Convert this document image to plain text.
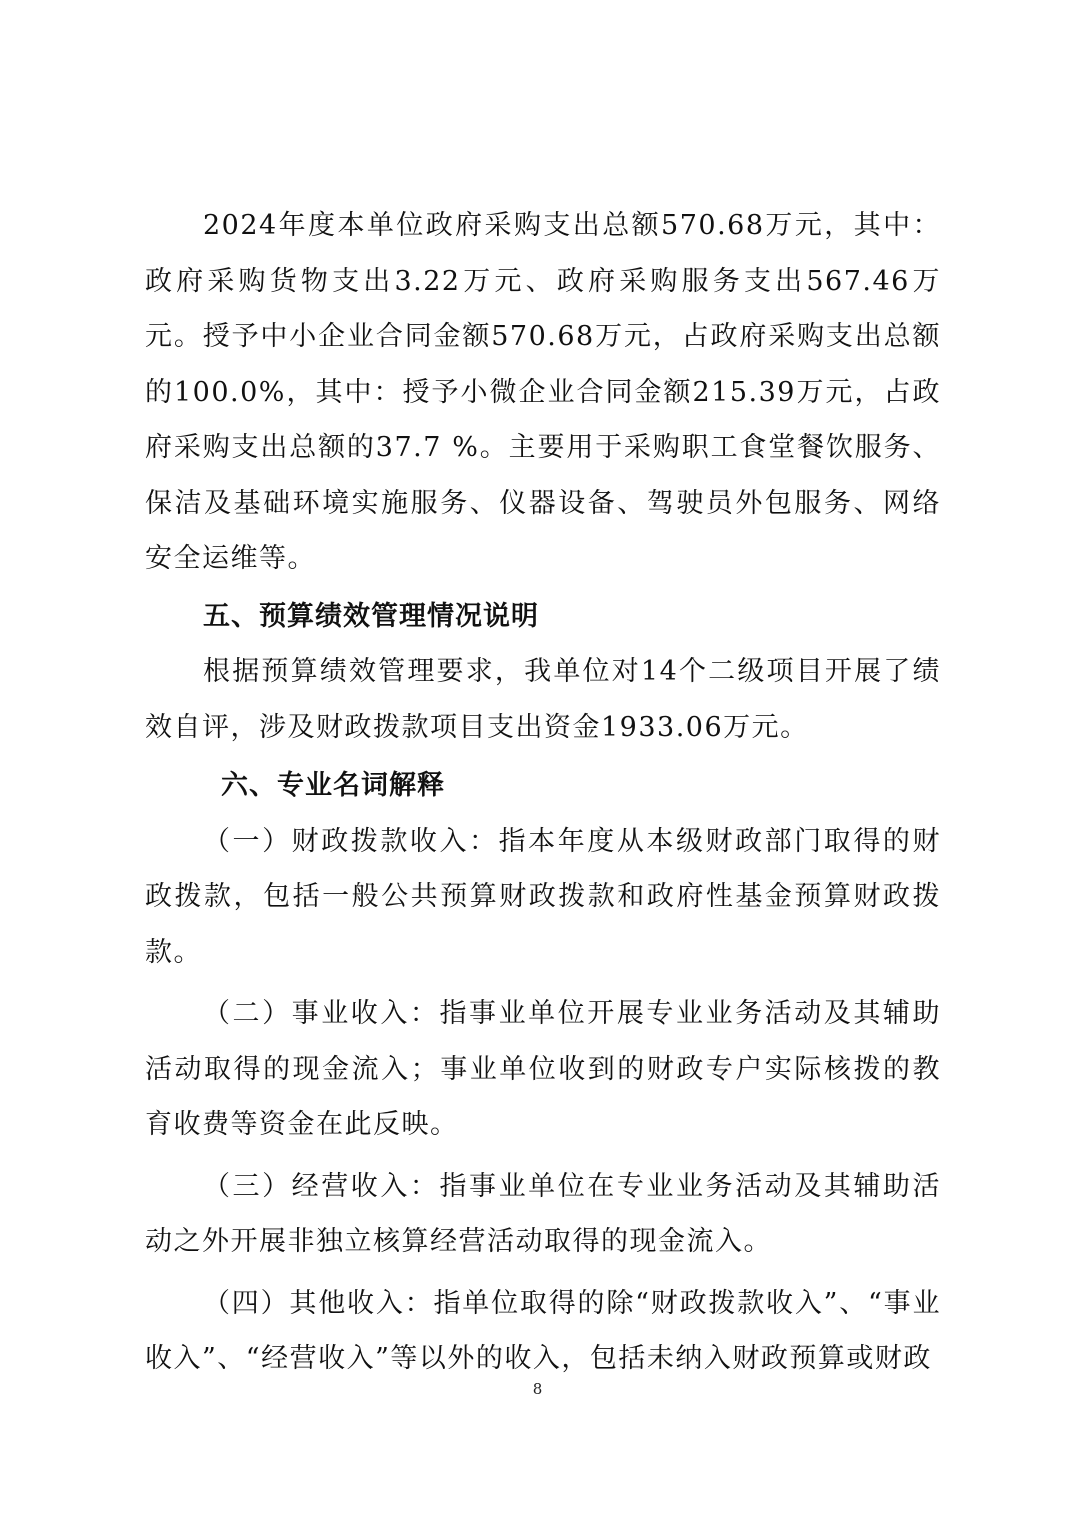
2024年度本单位政府采购支出总额570.68万元，其中：政府采购货物支出3.22万元、政府采购服务支出567.46万元。授予中小企业合同金额570.68万元，占政府采购支出总额的100.0%，其中：授予小微企业合同金额215.39万元，占政府采购支出总额的37.7 %。主要用于采购职工食堂餐饮服务、保洁及基础环境实施服务、仪器设备、驾驶员外包服务、网络安全运维等。

五、预算绩效管理情况说明

根据预算绩效管理要求，我单位对14个二级项目开展了绩效自评，涉及财政拨款项目支出资金1933.06万元。

六、专业名词解释

（一）财政拨款收入：指本年度从本级财政部门取得的财政拨款，包括一般公共预算财政拨款和政府性基金预算财政拨款。

（二）事业收入：指事业单位开展专业业务活动及其辅助活动取得的现金流入；事业单位收到的财政专户实际核拨的教育收费等资金在此反映。

（三）经营收入：指事业单位在专业业务活动及其辅助活动之外开展非独立核算经营活动取得的现金流入。

（四）其他收入：指单位取得的除“财政拨款收入”、“事业收入”、“经营收入”等以外的收入，包括未纳入财政预算或财政

8
